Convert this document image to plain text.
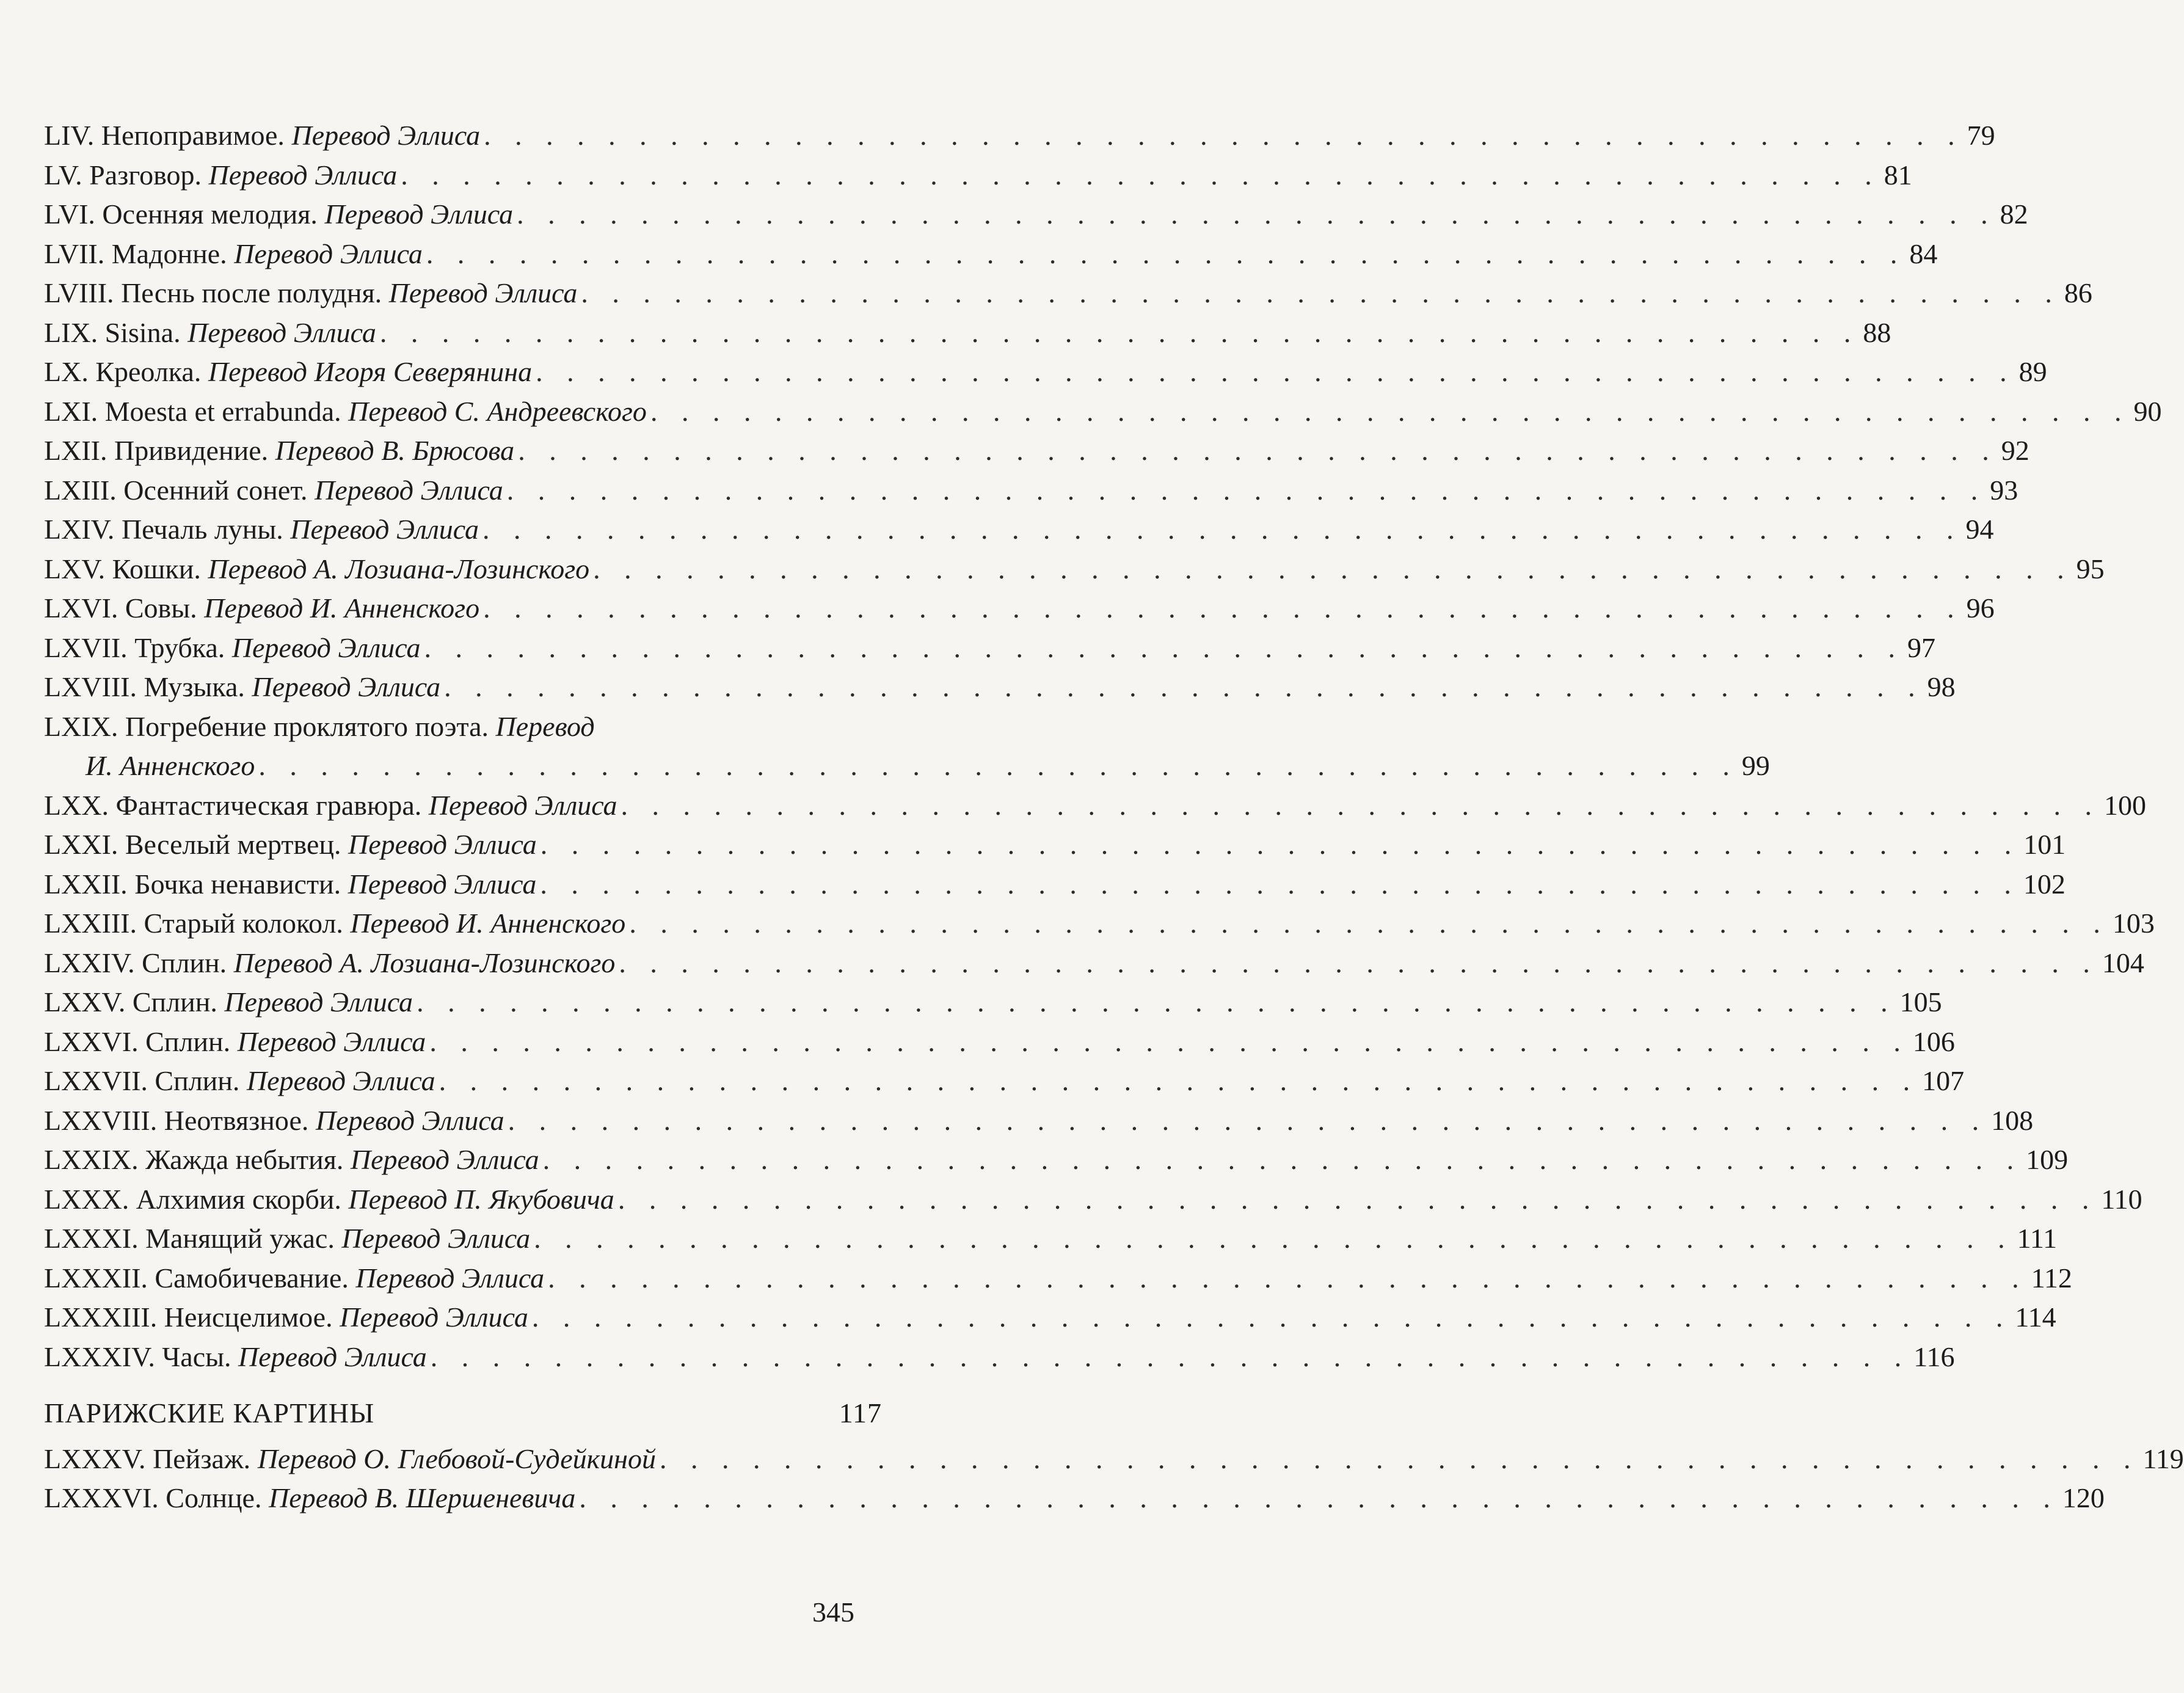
LIV. Непоправимое. Перевод Эллиса . . . . . . . . . . . . . . . . . . . . . . . . . . . . . . . . . . . . . . . . . . . . . . . . 79
LV. Разговор. Перевод Эллиса . . . . . . . . . . . . . . . . . . . . . . . . . . . . . . . . . . . . . . . . . . . . . . . . 81
LVI. Осенняя мелодия. Перевод Эллиса . . . . . . . . . . . . . . . . . . . . . . . . . . . . . . . . . . . . . . . . . . . . . . . . 82
LVII. Мадонне. Перевод Эллиса . . . . . . . . . . . . . . . . . . . . . . . . . . . . . . . . . . . . . . . . . . . . . . . . 84
LVIII. Песнь после полудня. Перевод Эллиса . . . . . . . . . . . . . . . . . . . . . . . . . . . . . . . . . . . . . . . . . . . . . . . . 86
LIX. Sisina. Перевод Эллиса . . . . . . . . . . . . . . . . . . . . . . . . . . . . . . . . . . . . . . . . . . . . . . . . 88
LX. Креолка. Перевод Игоря Северянина . . . . . . . . . . . . . . . . . . . . . . . . . . . . . . . . . . . . . . . . . . . . . . . . 89
LXI. Moesta et errabunda. Перевод С. Андреевского . . . . . . . . . . . . . . . . . . . . . . . . . . . . . . . . . . . . . . . . . . . . . . . . 90
LXII. Привидение. Перевод В. Брюсова . . . . . . . . . . . . . . . . . . . . . . . . . . . . . . . . . . . . . . . . . . . . . . . . 92
LXIII. Осенний сонет. Перевод Эллиса . . . . . . . . . . . . . . . . . . . . . . . . . . . . . . . . . . . . . . . . . . . . . . . . 93
LXIV. Печаль луны. Перевод Эллиса . . . . . . . . . . . . . . . . . . . . . . . . . . . . . . . . . . . . . . . . . . . . . . . . 94
LXV. Кошки. Перевод А. Лозиана-Лозинского . . . . . . . . . . . . . . . . . . . . . . . . . . . . . . . . . . . . . . . . . . . . . . . . 95
LXVI. Совы. Перевод И. Анненского . . . . . . . . . . . . . . . . . . . . . . . . . . . . . . . . . . . . . . . . . . . . . . . . 96
LXVII. Трубка. Перевод Эллиса . . . . . . . . . . . . . . . . . . . . . . . . . . . . . . . . . . . . . . . . . . . . . . . . 97
LXVIII. Музыка. Перевод Эллиса . . . . . . . . . . . . . . . . . . . . . . . . . . . . . . . . . . . . . . . . . . . . . . . . 98
LXIX. Погребение проклятого поэта. Перевод
И. Анненского . . . . . . . . . . . . . . . . . . . . . . . . . . . . . . . . . . . . . . . . . . . . . . . . 99
LXX. Фантастическая гравюра. Перевод Эллиса . . . . . . . . . . . . . . . . . . . . . . . . . . . . . . . . . . . . . . . . . . . . . . . . 100
LXXI. Веселый мертвец. Перевод Эллиса . . . . . . . . . . . . . . . . . . . . . . . . . . . . . . . . . . . . . . . . . . . . . . . . 101
LXXII. Бочка ненависти. Перевод Эллиса . . . . . . . . . . . . . . . . . . . . . . . . . . . . . . . . . . . . . . . . . . . . . . . . 102
LXXIII. Старый колокол. Перевод И. Анненского . . . . . . . . . . . . . . . . . . . . . . . . . . . . . . . . . . . . . . . . . . . . . . . . 103
LXXIV. Сплин. Перевод А. Лозиана-Лозинского . . . . . . . . . . . . . . . . . . . . . . . . . . . . . . . . . . . . . . . . . . . . . . . . 104
LXXV. Сплин. Перевод Эллиса . . . . . . . . . . . . . . . . . . . . . . . . . . . . . . . . . . . . . . . . . . . . . . . . 105
LXXVI. Сплин. Перевод Эллиса . . . . . . . . . . . . . . . . . . . . . . . . . . . . . . . . . . . . . . . . . . . . . . . . 106
LXXVII. Сплин. Перевод Эллиса . . . . . . . . . . . . . . . . . . . . . . . . . . . . . . . . . . . . . . . . . . . . . . . . 107
LXXVIII. Неотвязное. Перевод Эллиса . . . . . . . . . . . . . . . . . . . . . . . . . . . . . . . . . . . . . . . . . . . . . . . . 108
LXXIX. Жажда небытия. Перевод Эллиса . . . . . . . . . . . . . . . . . . . . . . . . . . . . . . . . . . . . . . . . . . . . . . . . 109
LXXX. Алхимия скорби. Перевод П. Якубовича . . . . . . . . . . . . . . . . . . . . . . . . . . . . . . . . . . . . . . . . . . . . . . . . 110
LXXXI. Манящий ужас. Перевод Эллиса . . . . . . . . . . . . . . . . . . . . . . . . . . . . . . . . . . . . . . . . . . . . . . . . 111
LXXXII. Самобичевание. Перевод Эллиса . . . . . . . . . . . . . . . . . . . . . . . . . . . . . . . . . . . . . . . . . . . . . . . . 112
LXXXIII. Неисцелимое. Перевод Эллиса . . . . . . . . . . . . . . . . . . . . . . . . . . . . . . . . . . . . . . . . . . . . . . . . 114
LXXXIV. Часы. Перевод Эллиса . . . . . . . . . . . . . . . . . . . . . . . . . . . . . . . . . . . . . . . . . . . . . . . . 116
ПАРИЖСКИЕ КАРТИНЫ	117
LXXXV. Пейзаж. Перевод О. Глебовой-Судейкиной . . . . . . . . . . . . . . . . . . . . . . . . . . . . . . . . . . . . . . . . . . . . . . . . 119
LXXXVI. Солнце. Перевод В. Шершеневича . . . . . . . . . . . . . . . . . . . . . . . . . . . . . . . . . . . . . . . . . . . . . . . . 120
345
